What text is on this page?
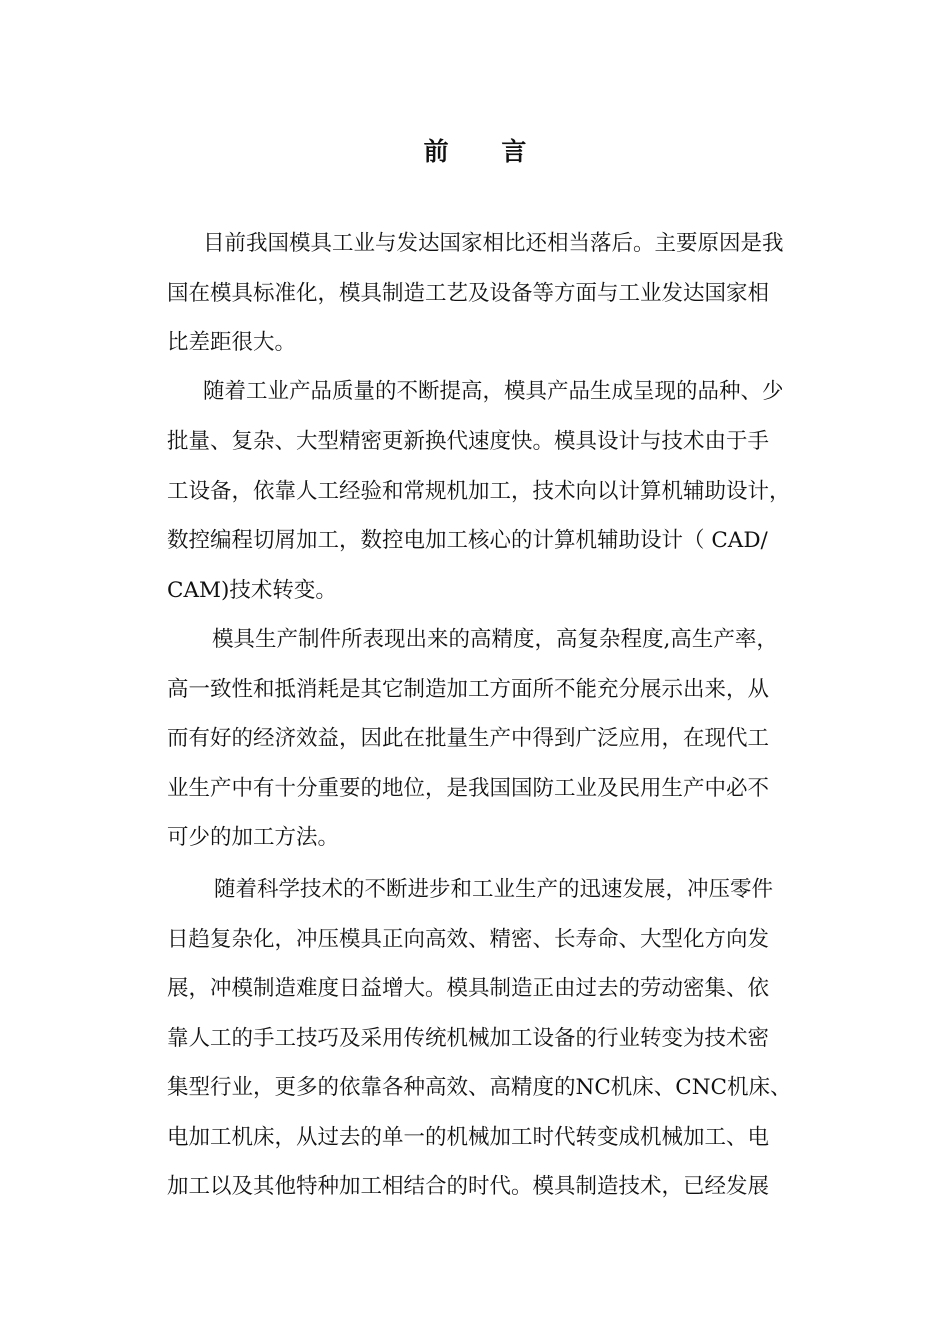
前 言
目前我国模具工业与发达国家相比还相当落后。主要原因是我
国在模具标准化，模具制造工艺及设备等方面与工业发达国家相
比差距很大。
随着工业产品质量的不断提高，模具产品生成呈现的品种、少
批量、复杂、大型精密更新换代速度快。模具设计与技术由于手
工设备，依靠人工经验和常规机加工，技术向以计算机辅助设计，
数控编程切屑加工，数控电加工核心的计算机辅助设计（ CAD/
CAM)技术转变。
模具生产制件所表现出来的高精度，高复杂程度,高生产率，
高一致性和抵消耗是其它制造加工方面所不能充分展示出来，从
而有好的经济效益，因此在批量生产中得到广泛应用，在现代工
业生产中有十分重要的地位，是我国国防工业及民用生产中必不
可少的加工方法。
随着科学技术的不断进步和工业生产的迅速发展，冲压零件
日趋复杂化，冲压模具正向高效、精密、长寿命、大型化方向发
展，冲模制造难度日益增大。模具制造正由过去的劳动密集、依
靠人工的手工技巧及采用传统机械加工设备的行业转变为技术密
集型行业，更多的依靠各种高效、高精度的NC机床、CNC机床、
电加工机床，从过去的单一的机械加工时代转变成机械加工、电
加工以及其他特种加工相结合的时代。模具制造技术，已经发展
